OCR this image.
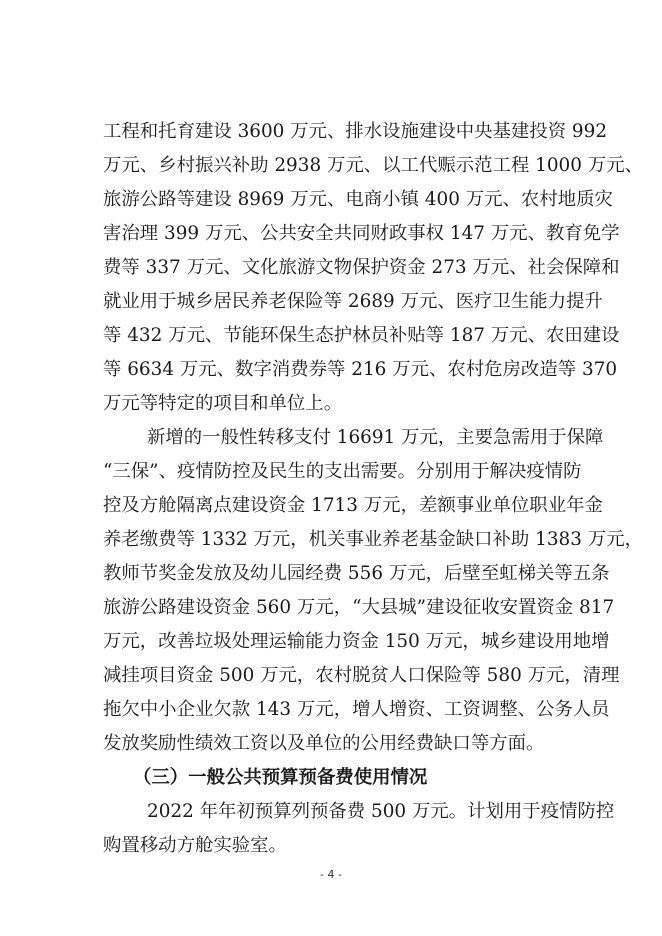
工程和托育建设 3600 万元、排水设施建设中央基建投资 992
万元、乡村振兴补助 2938 万元、以工代赈示范工程 1000 万元、
旅游公路等建设 8969 万元、电商小镇 400 万元、农村地质灾
害治理 399 万元、公共安全共同财政事权 147 万元、教育免学
费等 337 万元、文化旅游文物保护资金 273 万元、社会保障和
就业用于城乡居民养老保险等 2689 万元、医疗卫生能力提升
等 432 万元、节能环保生态护林员补贴等 187 万元、农田建设
等 6634 万元、数字消费券等 216 万元、农村危房改造等 370
万元等特定的项目和单位上。
新增的一般性转移支付 16691 万元，主要急需用于保障
“三保”、疫情防控及民生的支出需要。分别用于解决疫情防
控及方舱隔离点建设资金 1713 万元，差额事业单位职业年金
养老缴费等 1332 万元，机关事业养老基金缺口补助 1383 万元，
教师节奖金发放及幼儿园经费 556 万元，后壁至虹梯关等五条
旅游公路建设资金 560 万元，“大县城”建设征收安置资金 817
万元，改善垃圾处理运输能力资金 150 万元，城乡建设用地增
减挂项目资金 500 万元，农村脱贫人口保险等 580 万元，清理
拖欠中小企业欠款 143 万元，增人增资、工资调整、公务人员
发放奖励性绩效工资以及单位的公用经费缺口等方面。
（三）一般公共预算预备费使用情况
2022 年年初预算列预备费 500 万元。计划用于疫情防控
购置移动方舱实验室。
- 4 -
